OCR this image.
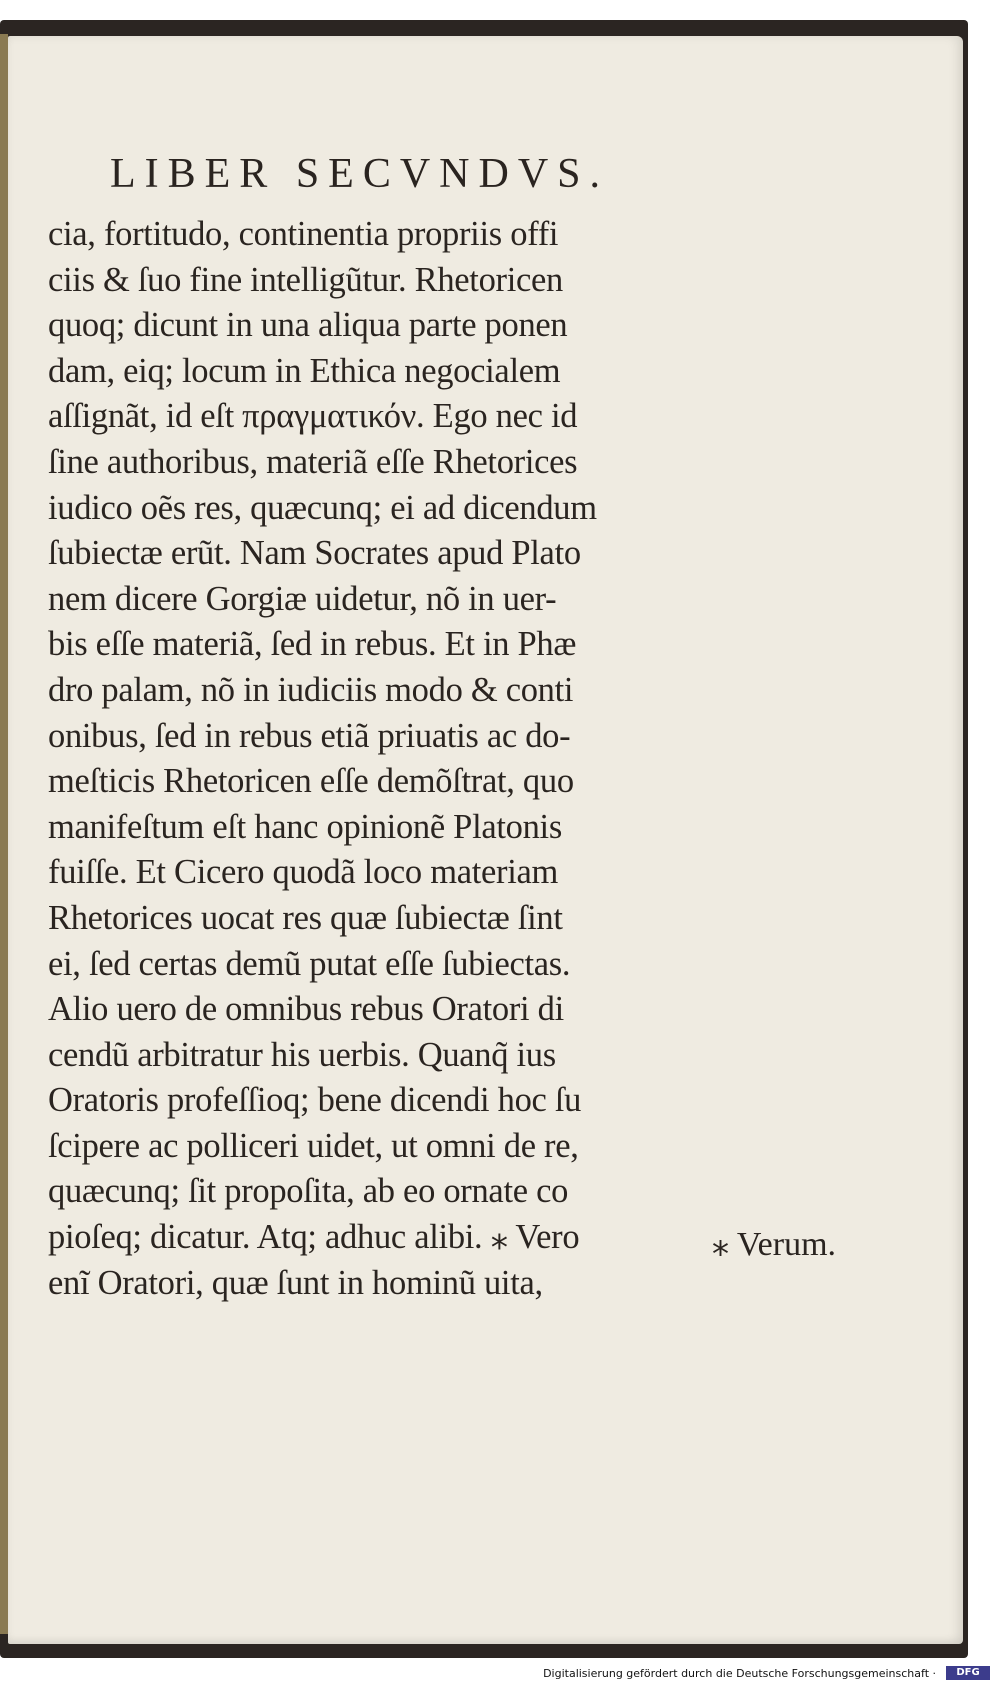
LIBER SECVNDVS.
cia, fortitudo, continentia propriis offi
ciis & ſuo fine intelligũtur. Rhetoricen
quoq; dicunt in una aliqua parte ponen
dam, eiq; locum in Ethica negocialem
aſſignãt, id eſt πραγματικόν. Ego nec id
ſine authoribus, materiã eſſe Rhetorices
iudico oẽs res, quæcunq; ei ad dicendum
ſubiectæ erũt. Nam Socrates apud Plato
nem dicere Gorgiæ uidetur, nõ in uer-
bis eſſe materiã, ſed in rebus. Et in Phæ
dro palam, nõ in iudiciis modo & conti
onibus, ſed in rebus etiã priuatis ac do-
meſticis Rhetoricen eſſe demõſtrat, quo
manifeſtum eſt hanc opinionẽ Platonis
fuiſſe. Et Cicero quodã loco materiam
Rhetorices uocat res quæ ſubiectæ ſint
ei, ſed certas demũ putat eſſe ſubiectas.
Alio uero de omnibus rebus Oratori di
cendũ arbitratur his uerbis. Quanq̃ ius
Oratoris profeſſioq; bene dicendi hoc ſu
ſcipere ac polliceri uidet, ut omni de re,
quæcunq; ſit propoſita, ab eo ornate co
pioſeq; dicatur. Atq; adhuc alibi. ⁎ Vero
enĩ Oratori, quæ ſunt in hominũ uita,
⁎ Verum.
Digitalisierung gefördert durch die Deutsche Forschungsgemeinschaft ·	DFG
